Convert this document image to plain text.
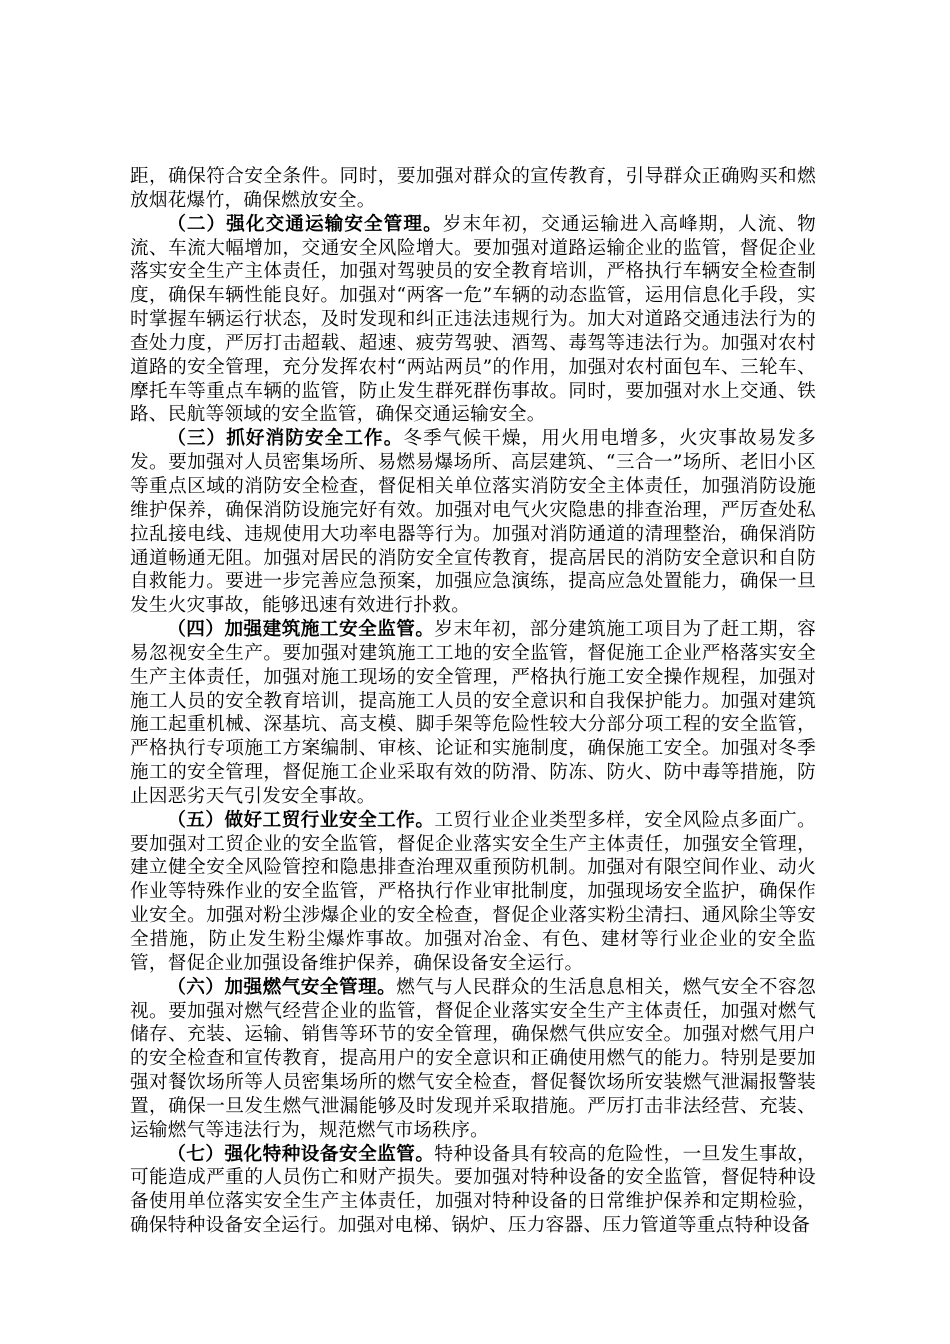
距，确保符合安全条件。同时，要加强对群众的宣传教育，引导群众正确购买和燃放烟花爆竹，确保燃放安全。

（二）强化交通运输安全管理。岁末年初，交通运输进入高峰期，人流、物流、车流大幅增加，交通安全风险增大。要加强对道路运输企业的监管，督促企业落实安全生产主体责任，加强对驾驶员的安全教育培训，严格执行车辆安全检查制度，确保车辆性能良好。加强对“两客一危”车辆的动态监管，运用信息化手段，实时掌握车辆运行状态，及时发现和纠正违法违规行为。加大对道路交通违法行为的查处力度，严厉打击超载、超速、疲劳驾驶、酒驾、毒驾等违法行为。加强对农村道路的安全管理，充分发挥农村“两站两员”的作用，加强对农村面包车、三轮车、摩托车等重点车辆的监管，防止发生群死群伤事故。同时，要加强对水上交通、铁路、民航等领域的安全监管，确保交通运输安全。

（三）抓好消防安全工作。冬季气候干燥，用火用电增多，火灾事故易发多发。要加强对人员密集场所、易燃易爆场所、高层建筑、“三合一”场所、老旧小区等重点区域的消防安全检查，督促相关单位落实消防安全主体责任，加强消防设施维护保养，确保消防设施完好有效。加强对电气火灾隐患的排查治理，严厉查处私拉乱接电线、违规使用大功率电器等行为。加强对消防通道的清理整治，确保消防通道畅通无阻。加强对居民的消防安全宣传教育，提高居民的消防安全意识和自防自救能力。要进一步完善应急预案，加强应急演练，提高应急处置能力，确保一旦发生火灾事故，能够迅速有效进行扑救。

（四）加强建筑施工安全监管。岁末年初，部分建筑施工项目为了赶工期，容易忽视安全生产。要加强对建筑施工工地的安全监管，督促施工企业严格落实安全生产主体责任，加强对施工现场的安全管理，严格执行施工安全操作规程，加强对施工人员的安全教育培训，提高施工人员的安全意识和自我保护能力。加强对建筑施工起重机械、深基坑、高支模、脚手架等危险性较大分部分项工程的安全监管，严格执行专项施工方案编制、审核、论证和实施制度，确保施工安全。加强对冬季施工的安全管理，督促施工企业采取有效的防滑、防冻、防火、防中毒等措施，防止因恶劣天气引发安全事故。

（五）做好工贸行业安全工作。工贸行业企业类型多样，安全风险点多面广。要加强对工贸企业的安全监管，督促企业落实安全生产主体责任，加强安全管理，建立健全安全风险管控和隐患排查治理双重预防机制。加强对有限空间作业、动火作业等特殊作业的安全监管，严格执行作业审批制度，加强现场安全监护，确保作业安全。加强对粉尘涉爆企业的安全检查，督促企业落实粉尘清扫、通风除尘等安全措施，防止发生粉尘爆炸事故。加强对冶金、有色、建材等行业企业的安全监管，督促企业加强设备维护保养，确保设备安全运行。

（六）加强燃气安全管理。燃气与人民群众的生活息息相关，燃气安全不容忽视。要加强对燃气经营企业的监管，督促企业落实安全生产主体责任，加强对燃气储存、充装、运输、销售等环节的安全管理，确保燃气供应安全。加强对燃气用户的安全检查和宣传教育，提高用户的安全意识和正确使用燃气的能力。特别是要加强对餐饮场所等人员密集场所的燃气安全检查，督促餐饮场所安装燃气泄漏报警装置，确保一旦发生燃气泄漏能够及时发现并采取措施。严厉打击非法经营、充装、运输燃气等违法行为，规范燃气市场秩序。

（七）强化特种设备安全监管。特种设备具有较高的危险性，一旦发生事故，可能造成严重的人员伤亡和财产损失。要加强对特种设备的安全监管，督促特种设备使用单位落实安全生产主体责任，加强对特种设备的日常维护保养和定期检验，确保特种设备安全运行。加强对电梯、锅炉、压力容器、压力管道等重点特种设备
